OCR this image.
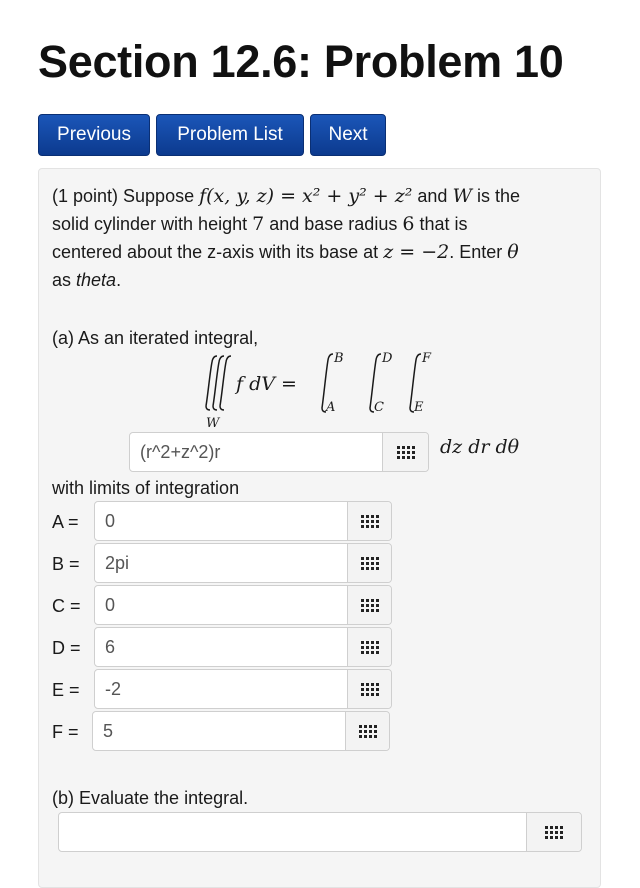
Section 12.6: Problem 10
Previous	Problem List	Next
(1 point) Suppose f(x, y, z) = x² + y² + z² and W is the
solid cylinder with height 7 and base radius 6 that is
centered about the z-axis with its base at z = −2. Enter θ
as theta.
(a) As an iterated integral,
W
f dV =
B
A
D
C
F
E
(r^2+z^2)r
dz dr dθ
with limits of integration
A =
0
B =
2pi
C =
0
D =
6
E =
-2
F =
5
(b) Evaluate the integral.
